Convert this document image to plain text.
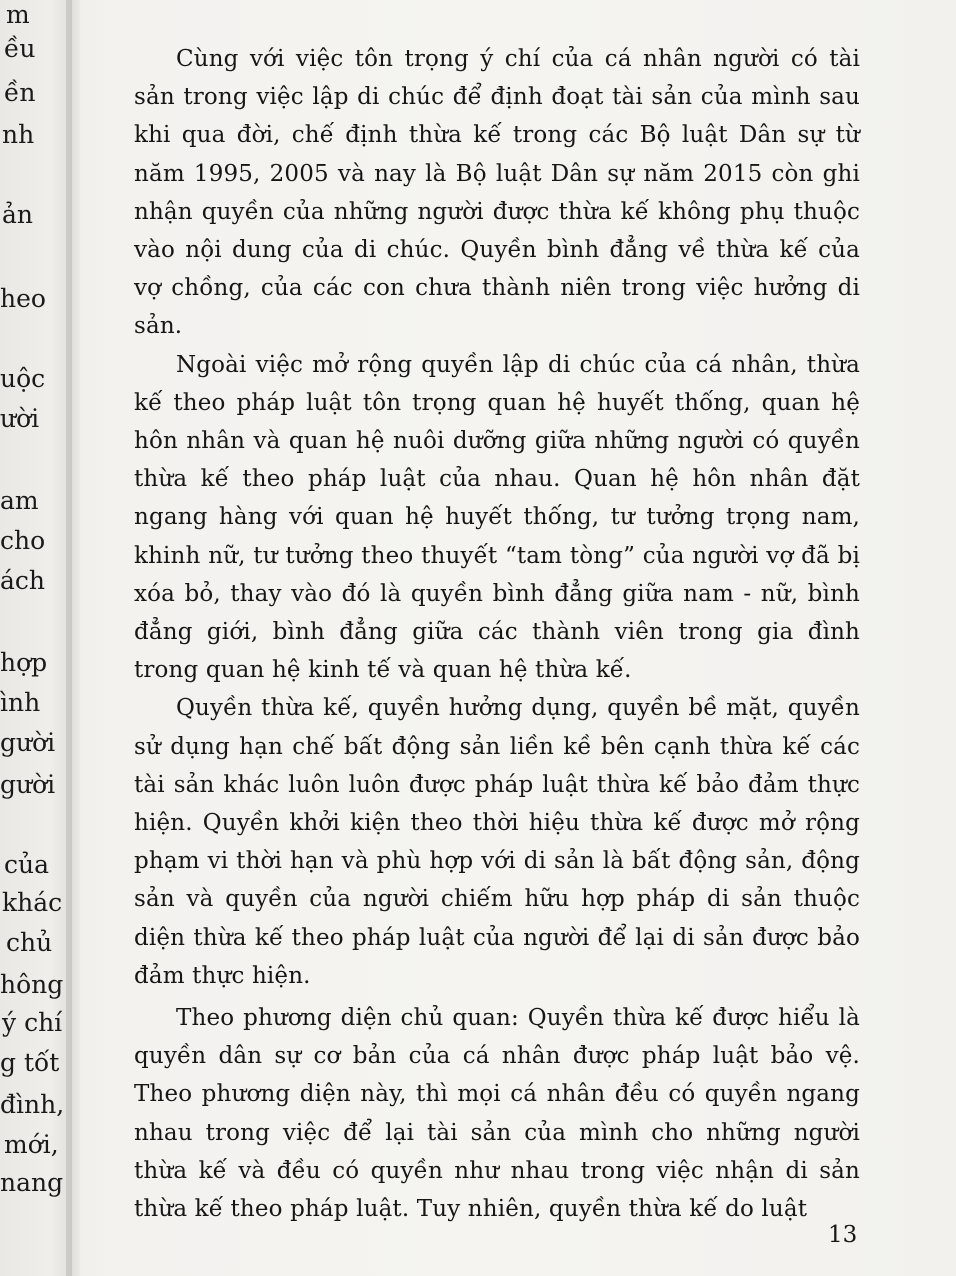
m
ều
ền
nh
ản
heo
uộc
ười
am
cho
ách
hợp
ình
gười
gười
của
khác
chủ
hông
ý chí
g tốt
đình,
mới,
nang

Cùng với việc tôn trọng ý chí của cá nhân người có tài sản trong việc lập di chúc để định đoạt tài sản của mình sau khi qua đời, chế định thừa kế trong các Bộ luật Dân sự từ năm 1995, 2005 và nay là Bộ luật Dân sự năm 2015 còn ghi nhận quyền của những người được thừa kế không phụ thuộc vào nội dung của di chúc. Quyền bình đẳng về thừa kế của vợ chồng, của các con chưa thành niên trong việc hưởng di sản.

Ngoài việc mở rộng quyền lập di chúc của cá nhân, thừa kế theo pháp luật tôn trọng quan hệ huyết thống, quan hệ hôn nhân và quan hệ nuôi dưỡng giữa những người có quyền thừa kế theo pháp luật của nhau. Quan hệ hôn nhân đặt ngang hàng với quan hệ huyết thống, tư tưởng trọng nam, khinh nữ, tư tưởng theo thuyết “tam tòng” của người vợ đã bị xóa bỏ, thay vào đó là quyền bình đẳng giữa nam - nữ, bình đẳng giới, bình đẳng giữa các thành viên trong gia đình trong quan hệ kinh tế và quan hệ thừa kế.

Quyền thừa kế, quyền hưởng dụng, quyền bề mặt, quyền sử dụng hạn chế bất động sản liền kề bên cạnh thừa kế các tài sản khác luôn luôn được pháp luật thừa kế bảo đảm thực hiện. Quyền khởi kiện theo thời hiệu thừa kế được mở rộng phạm vi thời hạn và phù hợp với di sản là bất động sản, động sản và quyền của người chiếm hữu hợp pháp di sản thuộc diện thừa kế theo pháp luật của người để lại di sản được bảo đảm thực hiện.

Theo phương diện chủ quan: Quyền thừa kế được hiểu là quyền dân sự cơ bản của cá nhân được pháp luật bảo vệ. Theo phương diện này, thì mọi cá nhân đều có quyền ngang nhau trong việc để lại tài sản của mình cho những người thừa kế và đều có quyền như nhau trong việc nhận di sản thừa kế theo pháp luật. Tuy nhiên, quyền thừa kế do luật

13
